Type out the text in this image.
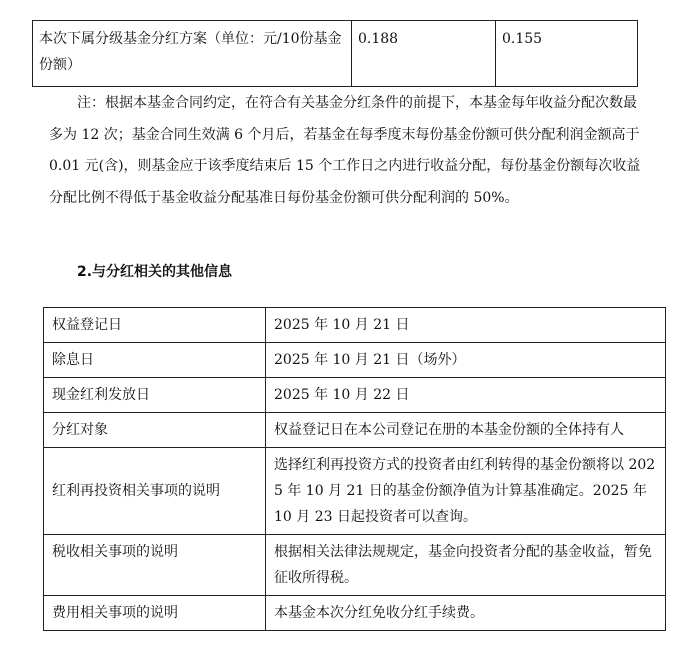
本次下属分级基金分红方案（单位：元/10份基金份额）	0.188	0.155

注：根据本基金合同约定，在符合有关基金分红条件的前提下，本基金每年收益分配次数最多为 12 次；基金合同生效满 6 个月后，若基金在每季度末每份基金份额可供分配利润金额高于 0.01 元(含)，则基金应于该季度结束后 15 个工作日之内进行收益分配，每份基金份额每次收益分配比例不得低于基金收益分配基准日每份基金份额可供分配利润的 50%。

2.与分红相关的其他信息

权益登记日	2025 年 10 月 21 日
除息日	2025 年 10 月 21 日（场外）
现金红利发放日	2025 年 10 月 22 日
分红对象	权益登记日在本公司登记在册的本基金份额的全体持有人
红利再投资相关事项的说明	选择红利再投资方式的投资者由红利转得的基金份额将以 2025 年 10 月 21 日的基金份额净值为计算基准确定。2025 年 10 月 23 日起投资者可以查询。
税收相关事项的说明	根据相关法律法规规定，基金向投资者分配的基金收益，暂免征收所得税。
费用相关事项的说明	本基金本次分红免收分红手续费。
